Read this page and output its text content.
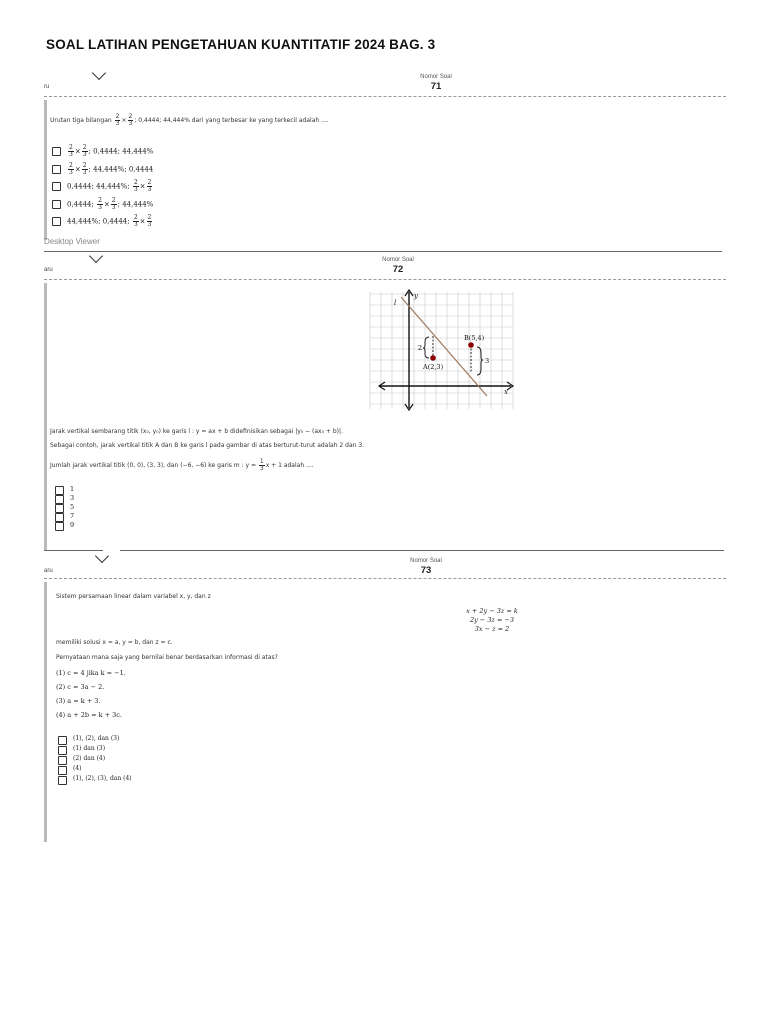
SOAL LATIHAN PENGETAHUAN KUANTITATIF 2024 BAG. 3
Nomor Soal
71
ru
Urutan tiga bilangan $\frac{2}{3} \times \frac{2}{3}$ ; 0,4444; 44,444% dari yang terbesar ke yang terkecil adalah ....
$\frac{2}{3} \times \frac{2}{3}$ ; 0,4444; 44,444%
$\frac{2}{3} \times \frac{2}{3}$ ; 44,444%; 0,4444
0,4444; 44,444%; $\frac{2}{3} \times \frac{2}{3}$
0,4444; $\frac{2}{3} \times \frac{2}{3}$ ; 44,444%
44,444%; 0,4444; $\frac{2}{3} \times \frac{2}{3}$
Desktop Viewer
Nomor Soal
72
aru
l
y
x
A(2,3)
B(5,4)
2
3
Jarak vertikal sembarang titik (x₀, y₀) ke garis l : y = ax + b didefinisikan sebagai |y₀ − (ax₀ + b)|.
Sebagai contoh, jarak vertikal titik A dan B ke garis l pada gambar di atas berturut-turut adalah 2 dan 3.
Jumlah jarak vertikal titik (0, 0), (3, 3), dan (−6, −6) ke garis m : $y = \frac{1}{3}$ x + 1 adalah ....
1
3
5
7
9
Nomor Soal
73
aru
Sistem persamaan linear dalam variabel x, y, dan z
x + 2y − 3z = k
2y − 3z = −3
3x − z = 2
memiliki solusi x = a, y = b, dan z = c.
Pernyataan mana saja yang bernilai benar berdasarkan informasi di atas?
(1) c = 4 jika k = −1.
(2) c = 3a − 2.
(3) a = k + 3.
(4) a + 2b = k + 3c.
(1), (2), dan (3)
(1) dan (3)
(2) dan (4)
(4)
(1), (2), (3), dan (4)
